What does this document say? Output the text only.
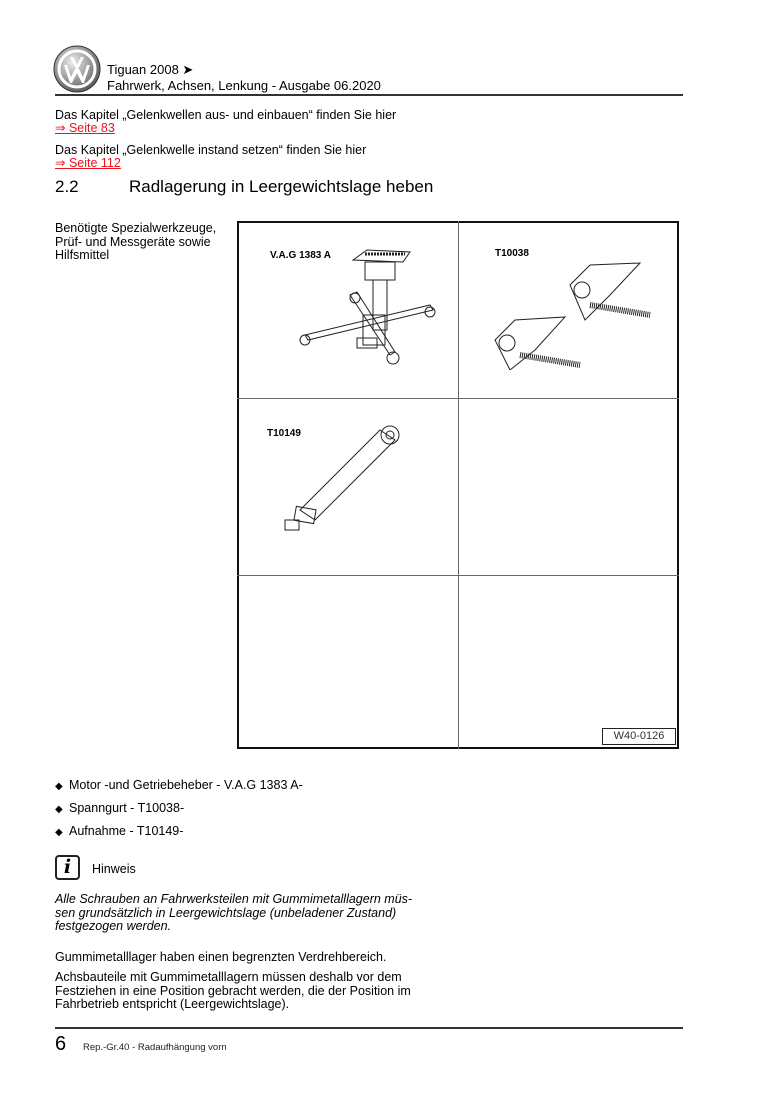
Tiguan 2008 ➤
Fahrwerk, Achsen, Lenkung - Ausgabe 06.2020
Das Kapitel „Gelenkwellen aus- und einbauen“ finden Sie hier
⇒ Seite 83
Das Kapitel „Gelenkwelle instand setzen“ finden Sie hier
⇒ Seite 112
2.2	Radlagerung in Leergewichtslage heben
Benötigte Spezialwerkzeuge, Prüf- und Messgeräte sowie Hilfsmittel	V.A.G 1383 A	T10038
T10149
W40-0126
◆ Motor -und Getriebeheber - V.A.G 1383 A-
◆ Spanngurt - T10038-
◆ Aufnahme - T10149-
i	Hinweis
Alle Schrauben an Fahrwerksteilen mit Gummimetalllagern müs-sen grundsätzlich in Leergewichtslage (unbeladener Zustand) festgezogen werden.
Gummimetalllager haben einen begrenzten Verdrehbereich.
Achsbauteile mit Gummimetalllagern müssen deshalb vor dem Festziehen in eine Position gebracht werden, die der Position im Fahrbetrieb entspricht (Leergewichtslage).
6 Rep.-Gr.40 - Radaufhängung vorn
